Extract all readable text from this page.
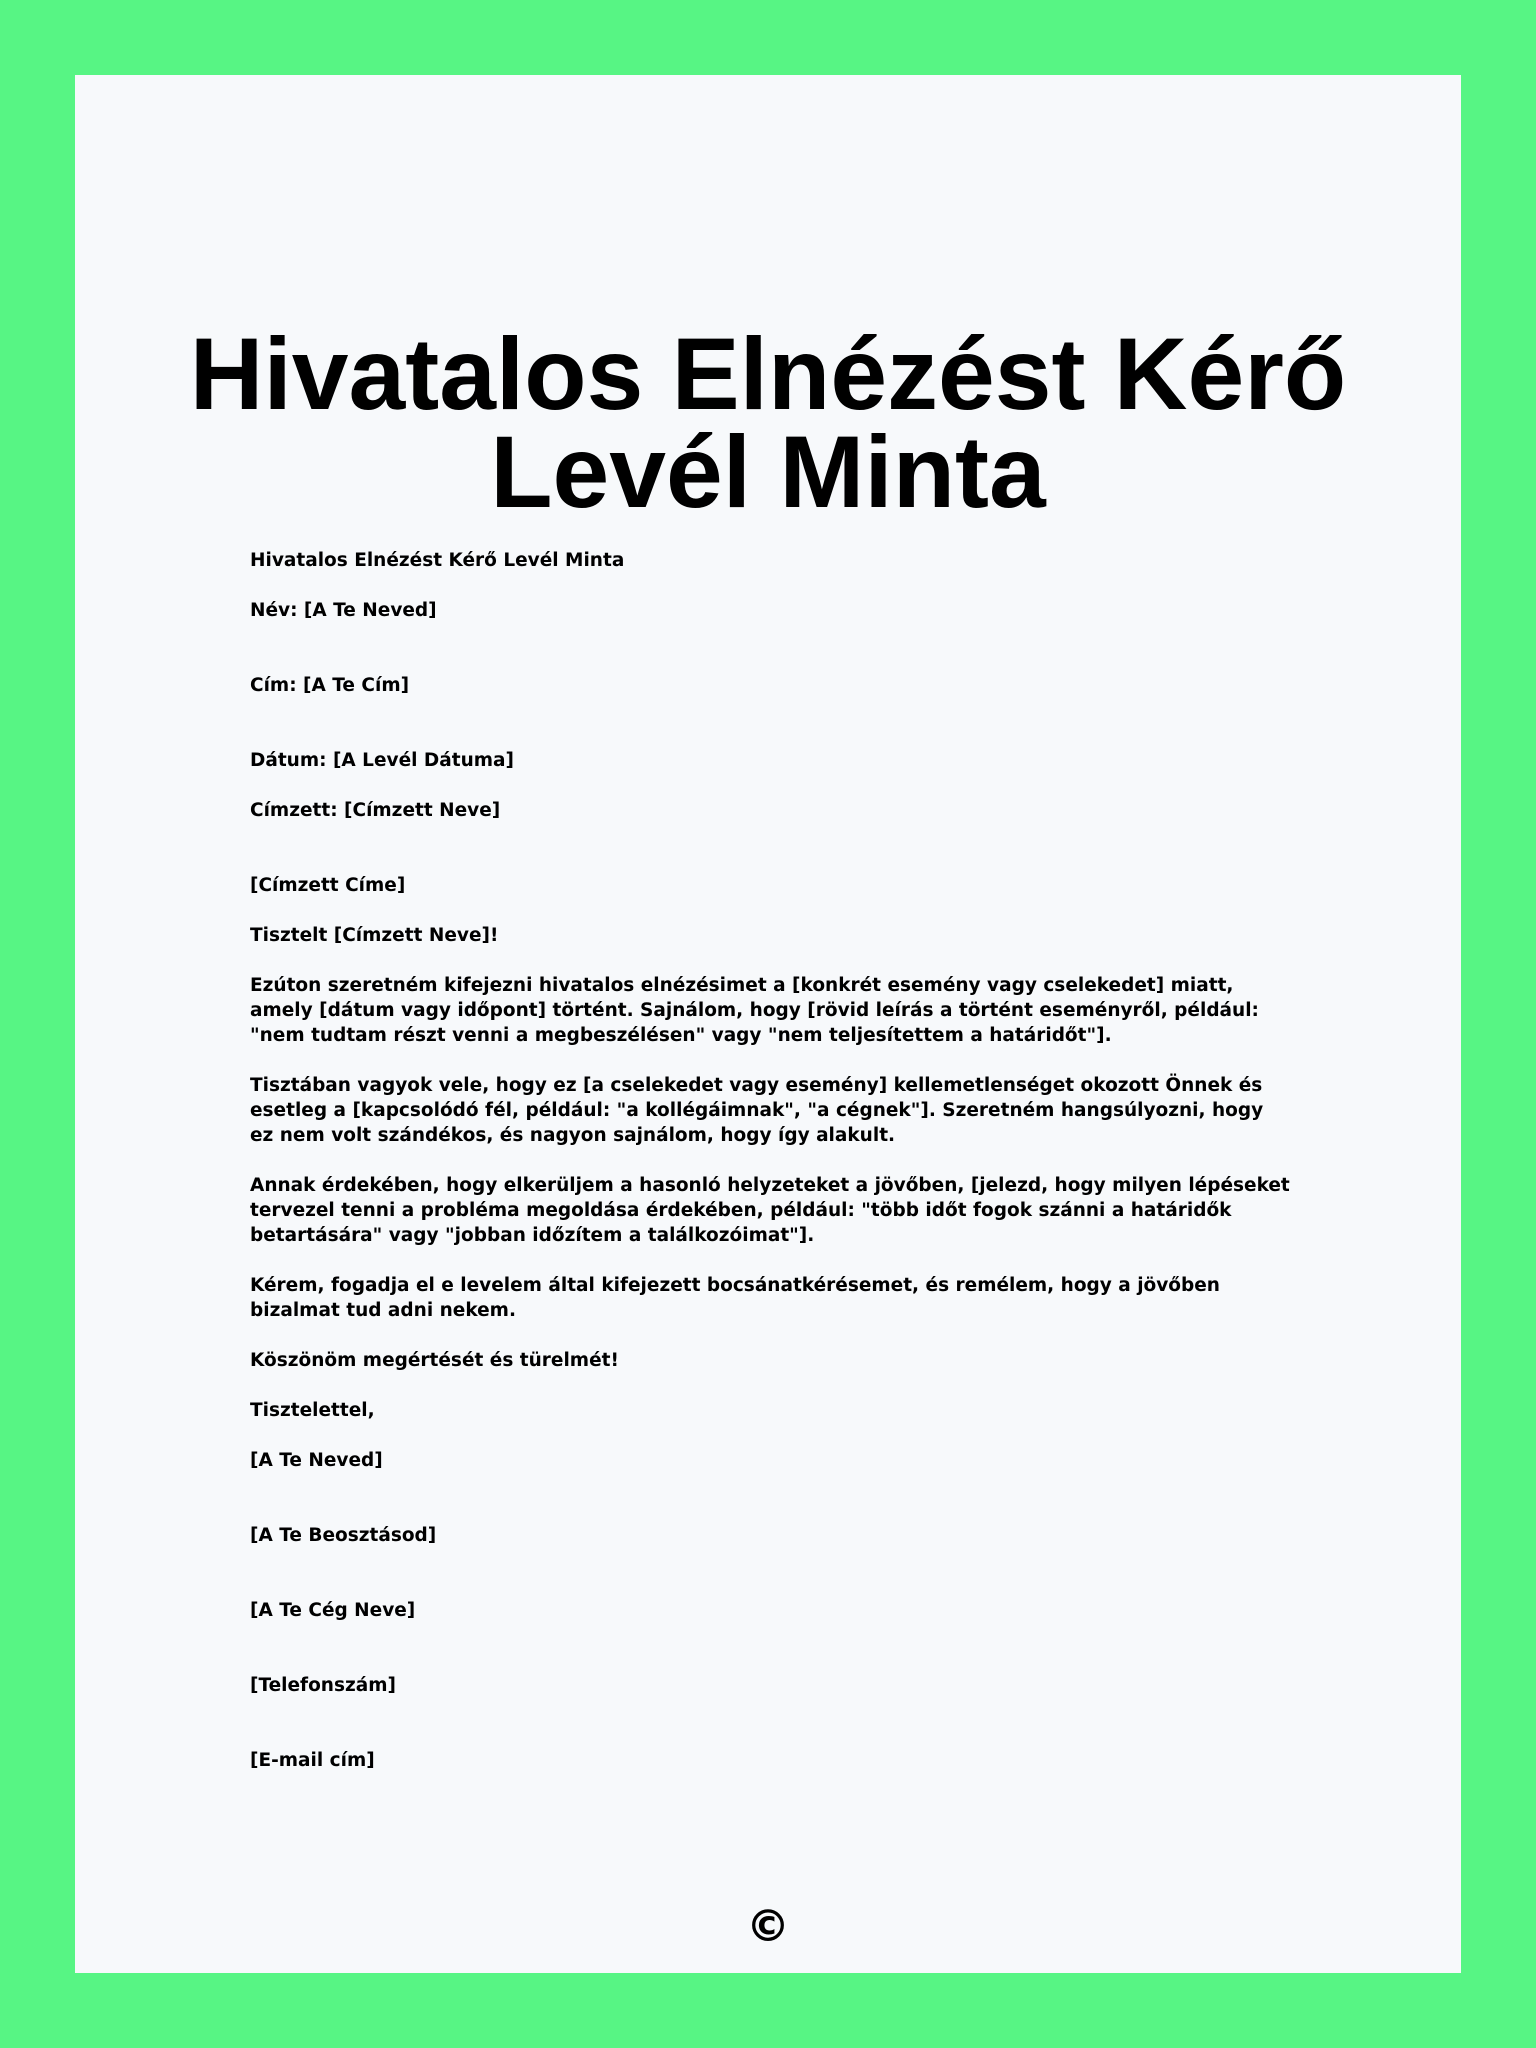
Hivatalos Elnézést Kérő Levél Minta

Hivatalos Elnézést Kérő Levél Minta

Név: [A Te Neved]

Cím: [A Te Cím]

Dátum: [A Levél Dátuma]

Címzett: [Címzett Neve]

[Címzett Címe]

Tisztelt [Címzett Neve]!

Ezúton szeretném kifejezni hivatalos elnézésimet a [konkrét esemény vagy cselekedet] miatt, amely [dátum vagy időpont] történt. Sajnálom, hogy [rövid leírás a történt eseményről, például: "nem tudtam részt venni a megbeszélésen" vagy "nem teljesítettem a határidőt"].

Tisztában vagyok vele, hogy ez [a cselekedet vagy esemény] kellemetlenséget okozott Önnek és esetleg a [kapcsolódó fél, például: "a kollégáimnak", "a cégnek"]. Szeretném hangsúlyozni, hogy ez nem volt szándékos, és nagyon sajnálom, hogy így alakult.

Annak érdekében, hogy elkerüljem a hasonló helyzeteket a jövőben, [jelezd, hogy milyen lépéseket tervezel tenni a probléma megoldása érdekében, például: "több időt fogok szánni a határidők betartására" vagy "jobban időzítem a találkozóimat"].

Kérem, fogadja el e levelem által kifejezett bocsánatkérésemet, és remélem, hogy a jövőben bizalmat tud adni nekem.

Köszönöm megértését és türelmét!

Tisztelettel,

[A Te Neved]

[A Te Beosztásod]

[A Te Cég Neve]

[Telefonszám]

[E-mail cím]

©
